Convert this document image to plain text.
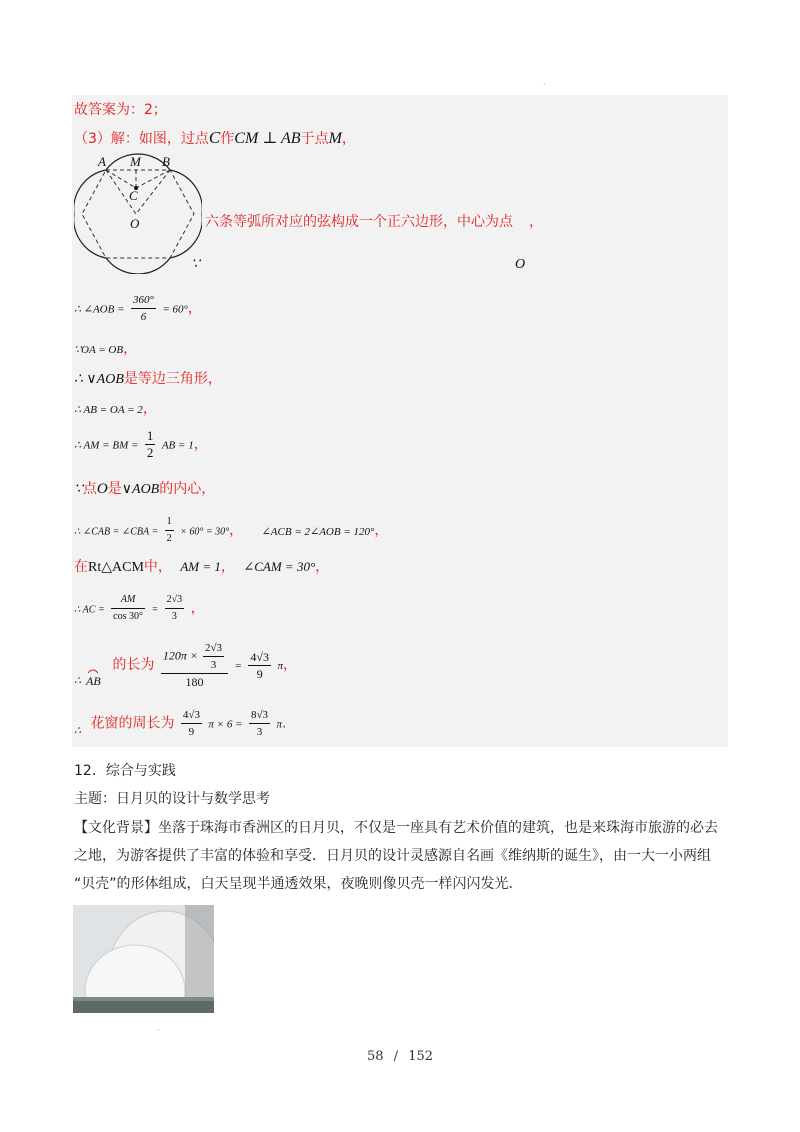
·
故答案为：2；
（3）解：如图，过点C作CM ⊥ AB于点M，
A M B
C
O	六条等弧所对应的弦构成一个正六边形，中心为点 ，
∵	O
∴ ∠AOB = $\frac{360^\circ}{6} = 60^\circ$，
∵OA = OB，
∴ ∨AOB是等边三角形，
∴ AB = OA = 2，
∴ AM = BM = $\frac{1}{2}$ AB = 1，
∵点O是∨AOB的内心，
∴ ∠CAB = ∠CBA = $\frac{1}{2} \times 60^\circ = 30^\circ$， ∠ACB = 2∠AOB = 120°，
在Rt△ACM中， AM = 1， ∠CAM = 30°，
∴ AC = $\frac{AM}{\cos 30^\circ} = \frac{2√3}{3}$ ，
∴ AB
的长为 $\frac{120\pi \times \frac{2√3}{3}}{180} = \frac{4√3}{9}$ π，
∴ 花窗的周长为 $\frac{4√3}{9}$ $\pi \times 6 = \frac{8√3}{3} \pi$.
12．综合与实践
主题：日月贝的设计与数学思考
【文化背景】坐落于珠海市香洲区的日月贝，不仅是一座具有艺术价值的建筑，也是来珠海市旅游的必去
之地，为游客提供了丰富的体验和享受．日月贝的设计灵感源自名画《维纳斯的诞生》，由一大一小两组
“贝壳”的形体组成，白天呈现半通透效果，夜晚则像贝壳一样闪闪发光．
·
58 / 152
